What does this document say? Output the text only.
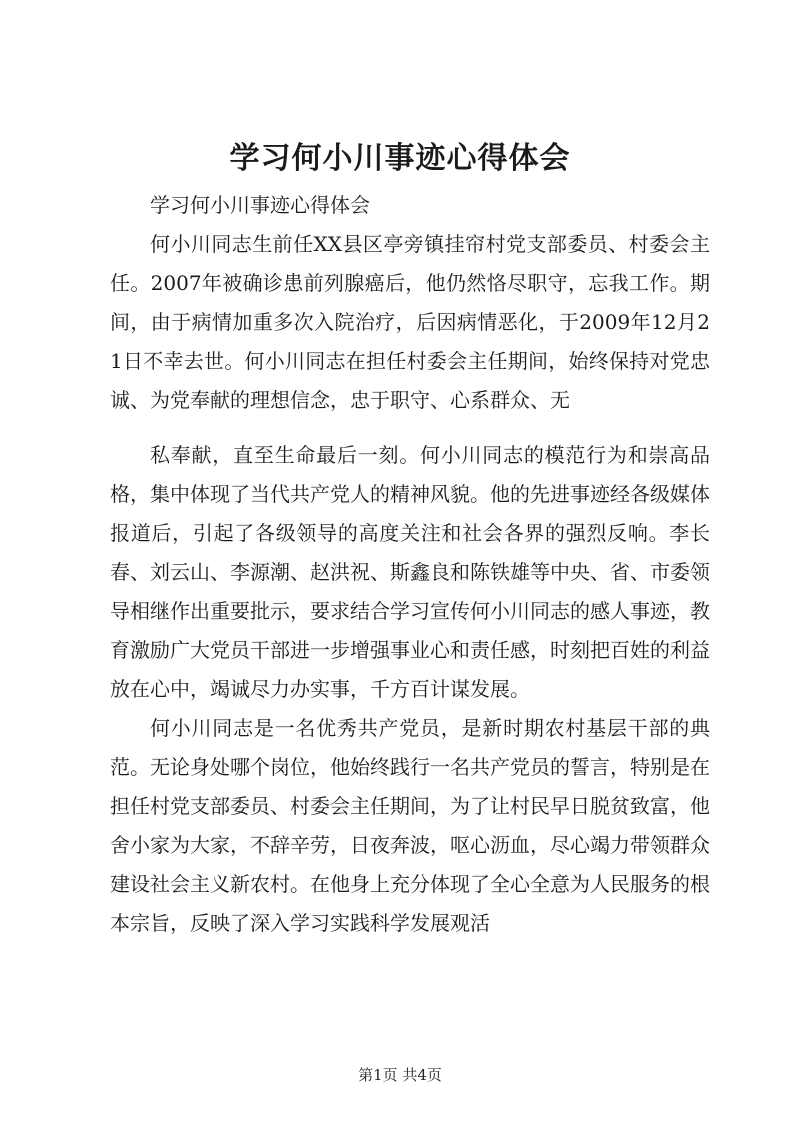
学习何小川事迹心得体会

学习何小川事迹心得体会

何小川同志生前任XX县区亭旁镇挂帘村党支部委员、村委会主任。2007年被确诊患前列腺癌后，他仍然恪尽职守，忘我工作。期间，由于病情加重多次入院治疗，后因病情恶化，于2009年12月21日不幸去世。何小川同志在担任村委会主任期间，始终保持对党忠诚、为党奉献的理想信念，忠于职守、心系群众、无

私奉献，直至生命最后一刻。何小川同志的模范行为和崇高品格，集中体现了当代共产党人的精神风貌。他的先进事迹经各级媒体报道后，引起了各级领导的高度关注和社会各界的强烈反响。李长春、刘云山、李源潮、赵洪祝、斯鑫良和陈铁雄等中央、省、市委领导相继作出重要批示，要求结合学习宣传何小川同志的感人事迹，教育激励广大党员干部进一步增强事业心和责任感，时刻把百姓的利益放在心中，竭诚尽力办实事，千方百计谋发展。

何小川同志是一名优秀共产党员，是新时期农村基层干部的典范。无论身处哪个岗位，他始终践行一名共产党员的誓言，特别是在担任村党支部委员、村委会主任期间，为了让村民早日脱贫致富，他舍小家为大家，不辞辛劳，日夜奔波，呕心沥血，尽心竭力带领群众建设社会主义新农村。在他身上充分体现了全心全意为人民服务的根本宗旨，反映了深入学习实践科学发展观活

第1页 共4页
